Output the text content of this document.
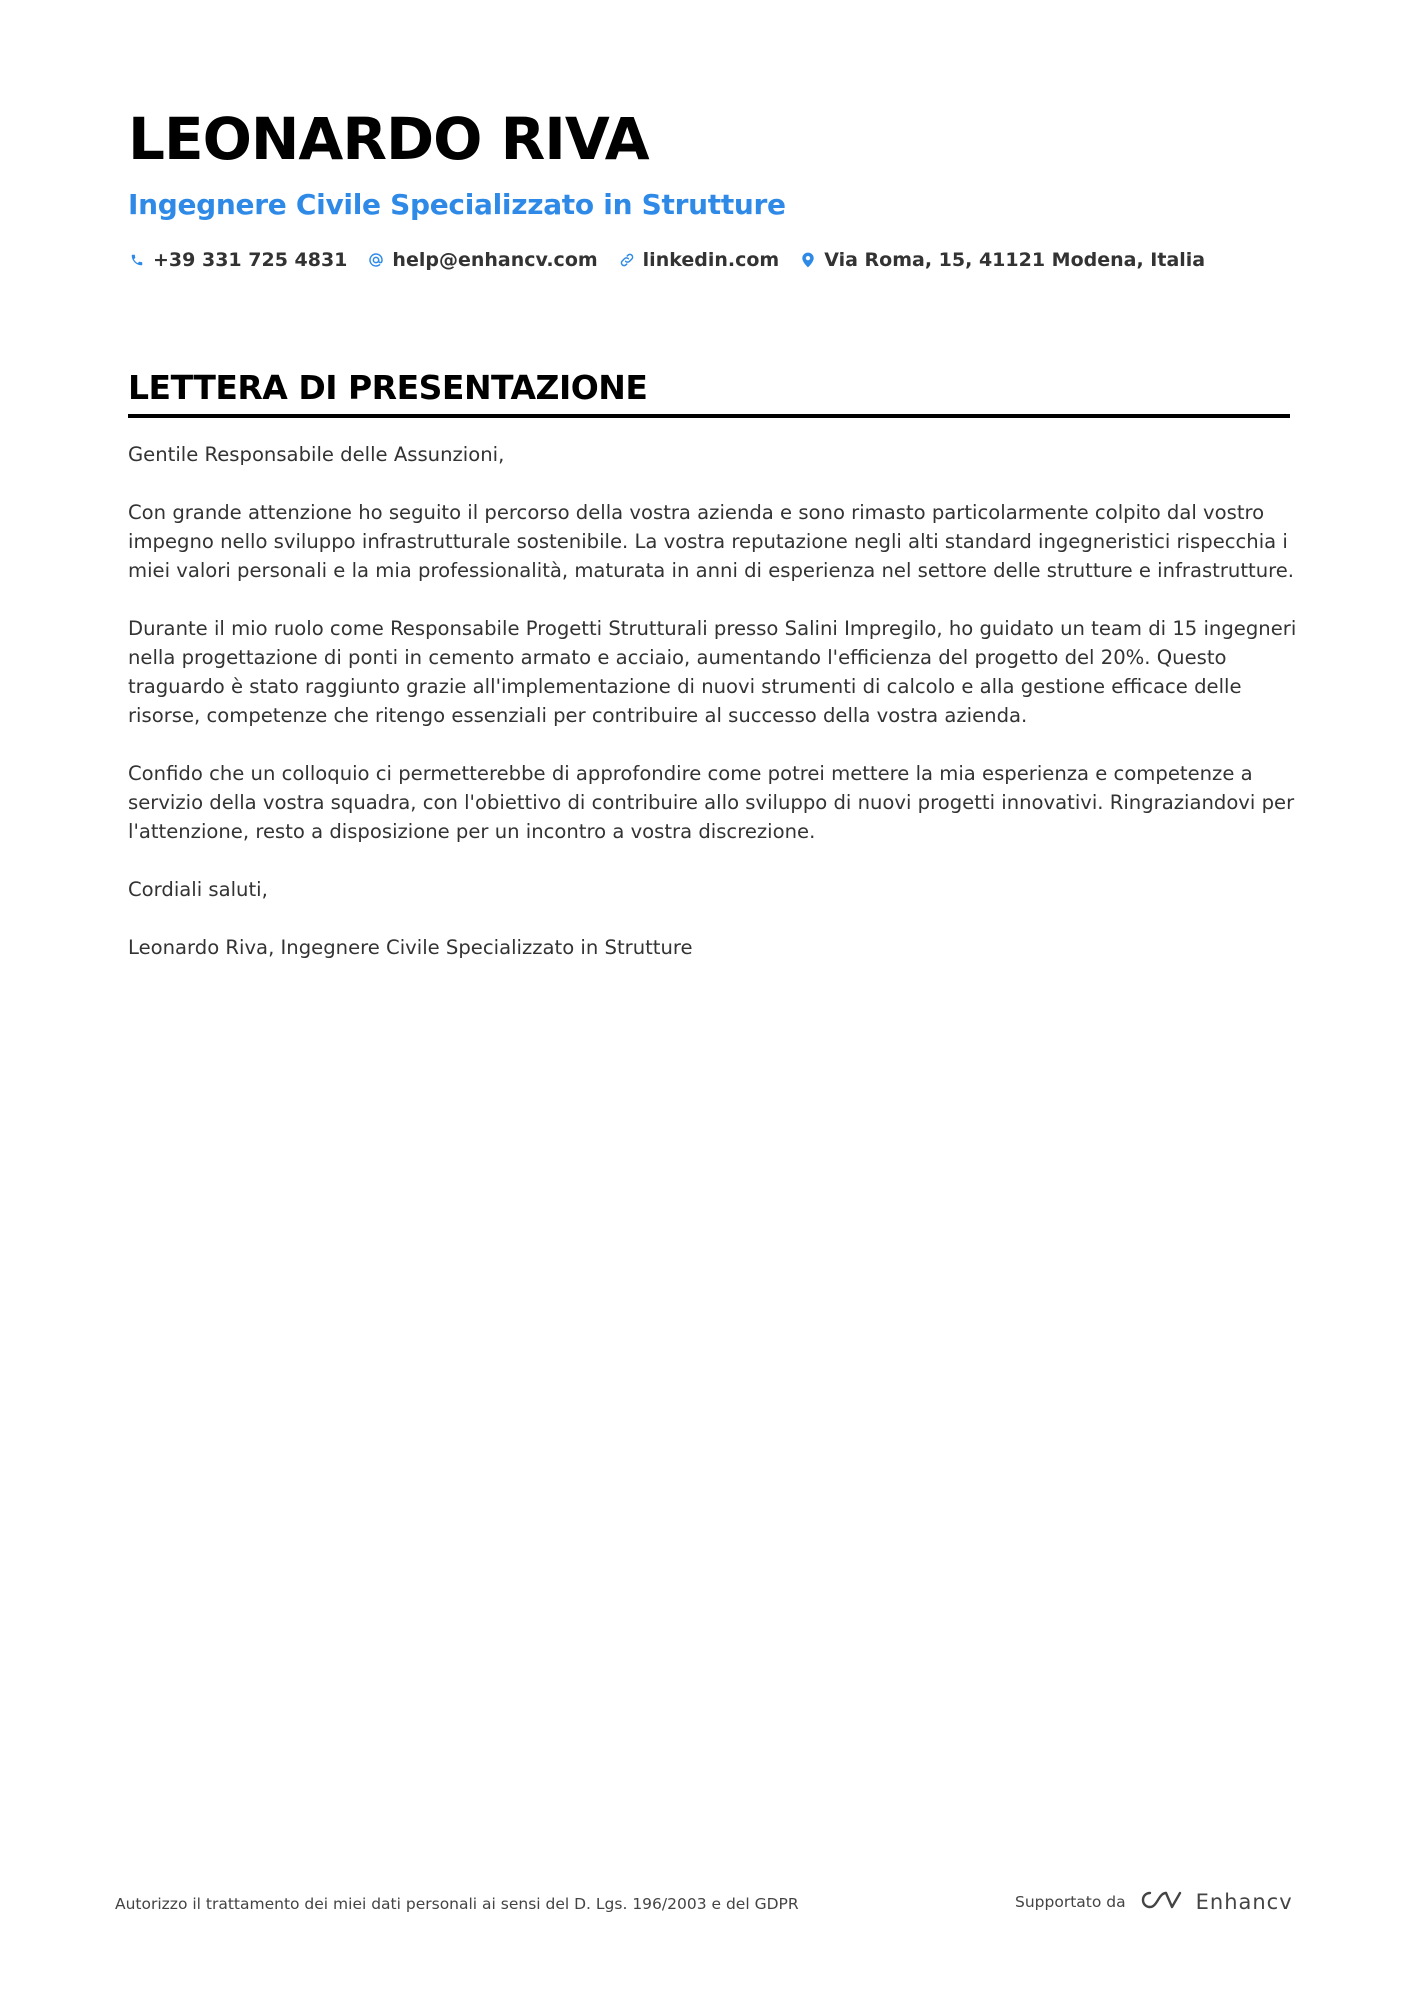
LEONARDO RIVA
Ingegnere Civile Specializzato in Strutture
+39 331 725 4831 help@enhancv.com linkedin.com Via Roma, 15, 41121 Modena, Italia
LETTERA DI PRESENTAZIONE

Gentile Responsabile delle Assunzioni,

Con grande attenzione ho seguito il percorso della vostra azienda e sono rimasto particolarmente colpito dal vostro impegno nello sviluppo infrastrutturale sostenibile. La vostra reputazione negli alti standard ingegneristici rispecchia i miei valori personali e la mia professionalità, maturata in anni di esperienza nel settore delle strutture e infrastrutture.

Durante il mio ruolo come Responsabile Progetti Strutturali presso Salini Impregilo, ho guidato un team di 15 ingegneri nella progettazione di ponti in cemento armato e acciaio, aumentando l'efficienza del progetto del 20%. Questo traguardo è stato raggiunto grazie all'implementazione di nuovi strumenti di calcolo e alla gestione efficace delle risorse, competenze che ritengo essenziali per contribuire al successo della vostra azienda.

Confido che un colloquio ci permetterebbe di approfondire come potrei mettere la mia esperienza e competenze a servizio della vostra squadra, con l'obiettivo di contribuire allo sviluppo di nuovi progetti innovativi. Ringraziandovi per l'attenzione, resto a disposizione per un incontro a vostra discrezione.

Cordiali saluti,

Leonardo Riva, Ingegnere Civile Specializzato in Strutture

Autorizzo il trattamento dei miei dati personali ai sensi del D. Lgs. 196/2003 e del GDPR	Supportato da	Enhancv
